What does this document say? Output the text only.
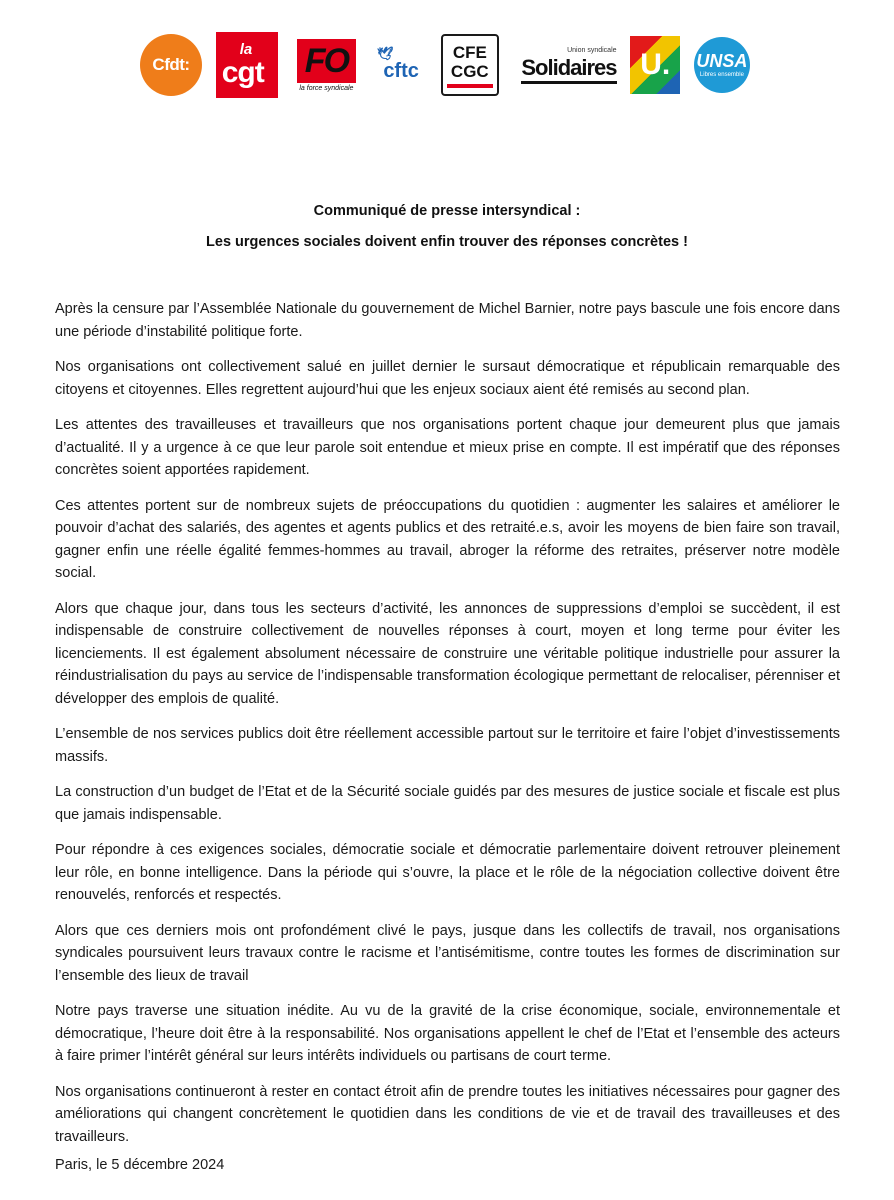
Cfdt:
la
cgt FO
la force syndicale
🕊
cftc
CFE
CGC
Union syndicale
Solidaires U. UNSA
Libres ensemble
Communiqué de presse intersyndical :
Les urgences sociales doivent enfin trouver des réponses concrètes !

Après la censure par l’Assemblée Nationale du gouvernement de Michel Barnier, notre pays bascule une fois encore dans une période d’instabilité politique forte.

Nos organisations ont collectivement salué en juillet dernier le sursaut démocratique et républicain remarquable des citoyens et citoyennes. Elles regrettent aujourd’hui que les enjeux sociaux aient été remisés au second plan.

Les attentes des travailleuses et travailleurs que nos organisations portent chaque jour demeurent plus que jamais d’actualité. Il y a urgence à ce que leur parole soit entendue et mieux prise en compte. Il est impératif que des réponses concrètes soient apportées rapidement.

Ces attentes portent sur de nombreux sujets de préoccupations du quotidien : augmenter les salaires et améliorer le pouvoir d’achat des salariés, des agentes et agents publics et des retraité.e.s, avoir les moyens de bien faire son travail, gagner enfin une réelle égalité femmes-hommes au travail, abroger la réforme des retraites, préserver notre modèle social.

Alors que chaque jour, dans tous les secteurs d’activité, les annonces de suppressions d’emploi se succèdent, il est indispensable de construire collectivement de nouvelles réponses à court, moyen et long terme pour éviter les licenciements. Il est également absolument nécessaire de construire une véritable politique industrielle pour assurer la réindustrialisation du pays au service de l’indispensable transformation écologique permettant de relocaliser, pérenniser et développer des emplois de qualité.

L’ensemble de nos services publics doit être réellement accessible partout sur le territoire et faire l’objet d’investissements massifs.

La construction d’un budget de l’Etat et de la Sécurité sociale guidés par des mesures de justice sociale et fiscale est plus que jamais indispensable.

Pour répondre à ces exigences sociales, démocratie sociale et démocratie parlementaire doivent retrouver pleinement leur rôle, en bonne intelligence. Dans la période qui s’ouvre, la place et le rôle de la négociation collective doivent être renouvelés, renforcés et respectés.

Alors que ces derniers mois ont profondément clivé le pays, jusque dans les collectifs de travail, nos organisations syndicales poursuivent leurs travaux contre le racisme et l’antisémitisme, contre toutes les formes de discrimination sur l’ensemble des lieux de travail

Notre pays traverse une situation inédite. Au vu de la gravité de la crise économique, sociale, environnementale et démocratique, l’heure doit être à la responsabilité. Nos organisations appellent le chef de l’Etat et l’ensemble des acteurs à faire primer l’intérêt général sur leurs intérêts individuels ou partisans de court terme.

Nos organisations continueront à rester en contact étroit afin de prendre toutes les initiatives nécessaires pour gagner des améliorations qui changent concrètement le quotidien dans les conditions de vie et de travail des travailleuses et des travailleurs.

Paris, le 5 décembre 2024
